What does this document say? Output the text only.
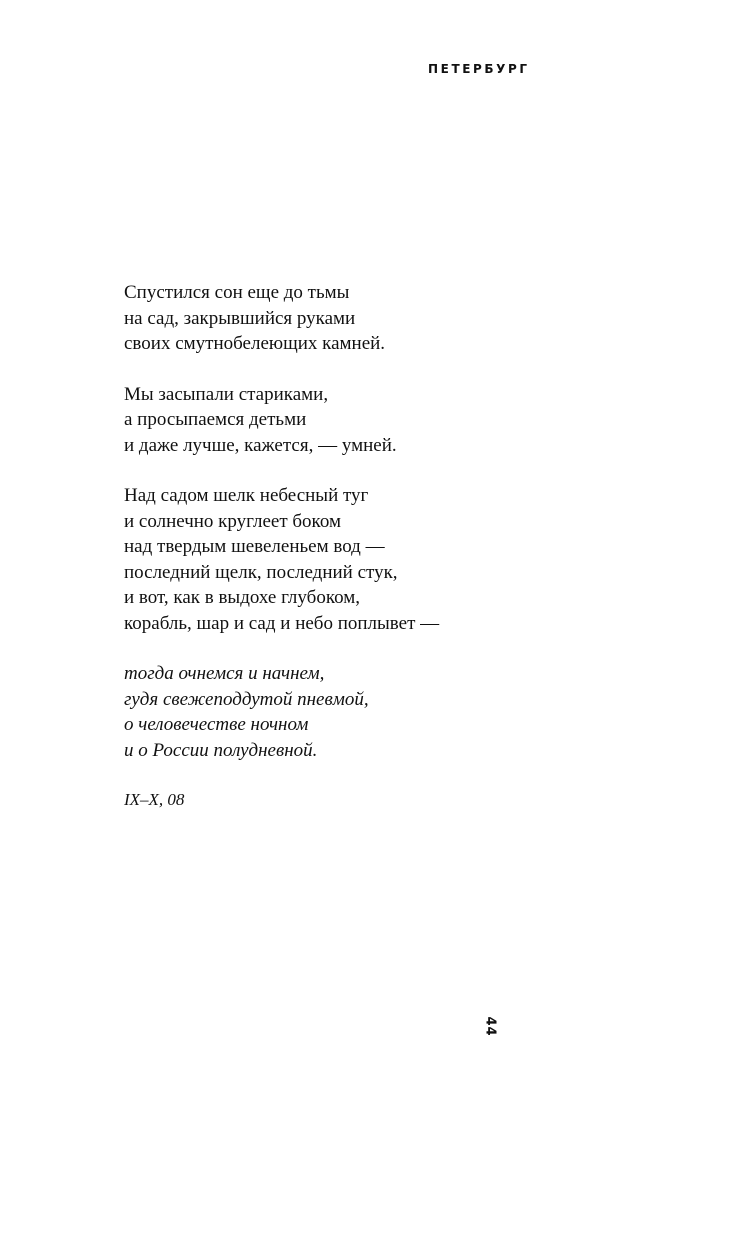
ПЕТЕРБУРГ
Спустился сон еще до тьмы
на сад, закрывшийся руками
своих смутнобелеющих камней.
Мы засыпали стариками,
а просыпаемся детьми
и даже лучше, кажется, — умней.
Над садом шелк небесный туг
и солнечно круглеет боком
над твердым шевеленьем вод —
последний щелк, последний стук,
и вот, как в выдохе глубоком,
корабль, шар и сад и небо поплывет —
тогда очнемся и начнем,
гудя свежеподдутой пневмой,
о человечестве ночном
и о России полудневной.
IX–X, 08
44
